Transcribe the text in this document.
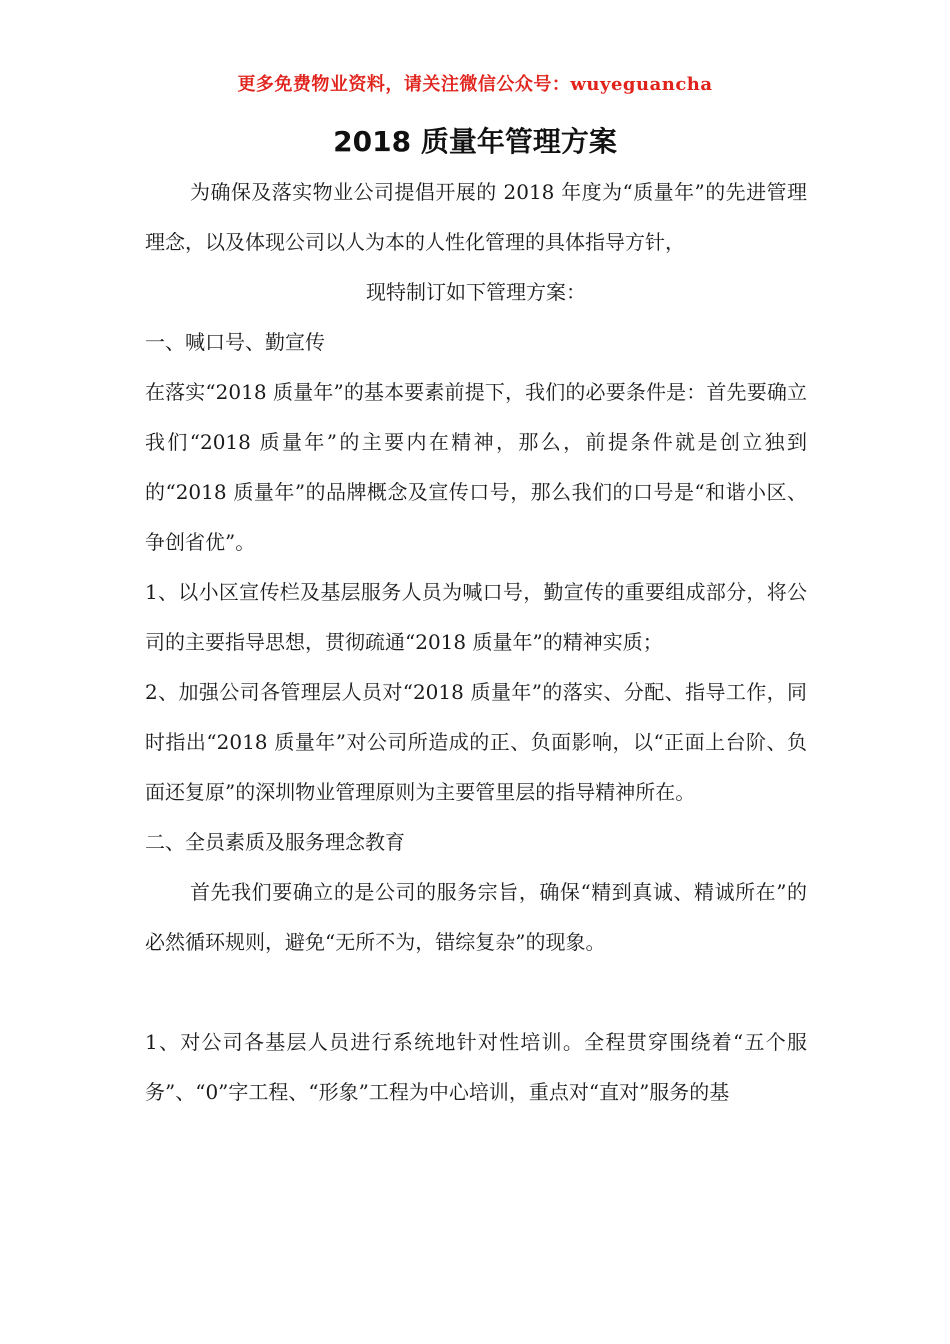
更多免费物业资料，请关注微信公众号：wuyeguancha
2018 质量年管理方案

为确保及落实物业公司提倡开展的 2018 年度为“质量年”的先进管理理念，以及体现公司以人为本的人性化管理的具体指导方针，

现特制订如下管理方案：

一、喊口号、勤宣传

在落实“2018 质量年”的基本要素前提下，我们的必要条件是：首先要确立我们“2018 质量年”的主要内在精神，那么，前提条件就是创立独到的“2018 质量年”的品牌概念及宣传口号，那么我们的口号是“和谐小区、争创省优”。

1、以小区宣传栏及基层服务人员为喊口号，勤宣传的重要组成部分，将公司的主要指导思想，贯彻疏通“2018 质量年”的精神实质；

2、加强公司各管理层人员对“2018 质量年”的落实、分配、指导工作，同时指出“2018 质量年”对公司所造成的正、负面影响，以“正面上台阶、负面还复原”的深圳物业管理原则为主要管里层的指导精神所在。

二、全员素质及服务理念教育

首先我们要确立的是公司的服务宗旨，确保“精到真诚、精诚所在”的必然循环规则，避免“无所不为，错综复杂”的现象。

1、对公司各基层人员进行系统地针对性培训。全程贯穿围绕着“五个服务”、“0”字工程、“形象”工程为中心培训，重点对“直对”服务的基
